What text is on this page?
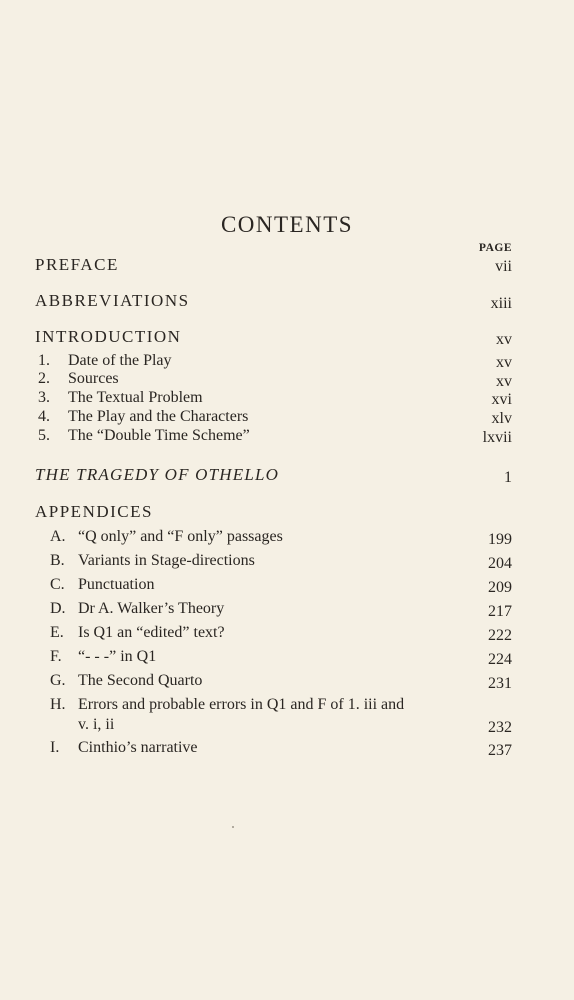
CONTENTS
PAGE
PREFACE	vii
ABBREVIATIONS	xiii
INTRODUCTION	xv
1. Date of the Play	xv
2. Sources	xv
3. The Textual Problem	xvi
4. The Play and the Characters	xlv
5. The “Double Time Scheme”	lxvii
THE TRAGEDY OF OTHELLO	1
APPENDICES
A. “Q only” and “F only” passages	199
B. Variants in Stage-directions	204
C. Punctuation	209
D. Dr A. Walker’s Theory	217
E. Is Q1 an “edited” text?	222
F. “- - -” in Q1	224
G. The Second Quarto	231
H. Errors and probable errors in Q1 and F of 1. iii and
v. i, ii	232
I. Cinthio’s narrative	237
